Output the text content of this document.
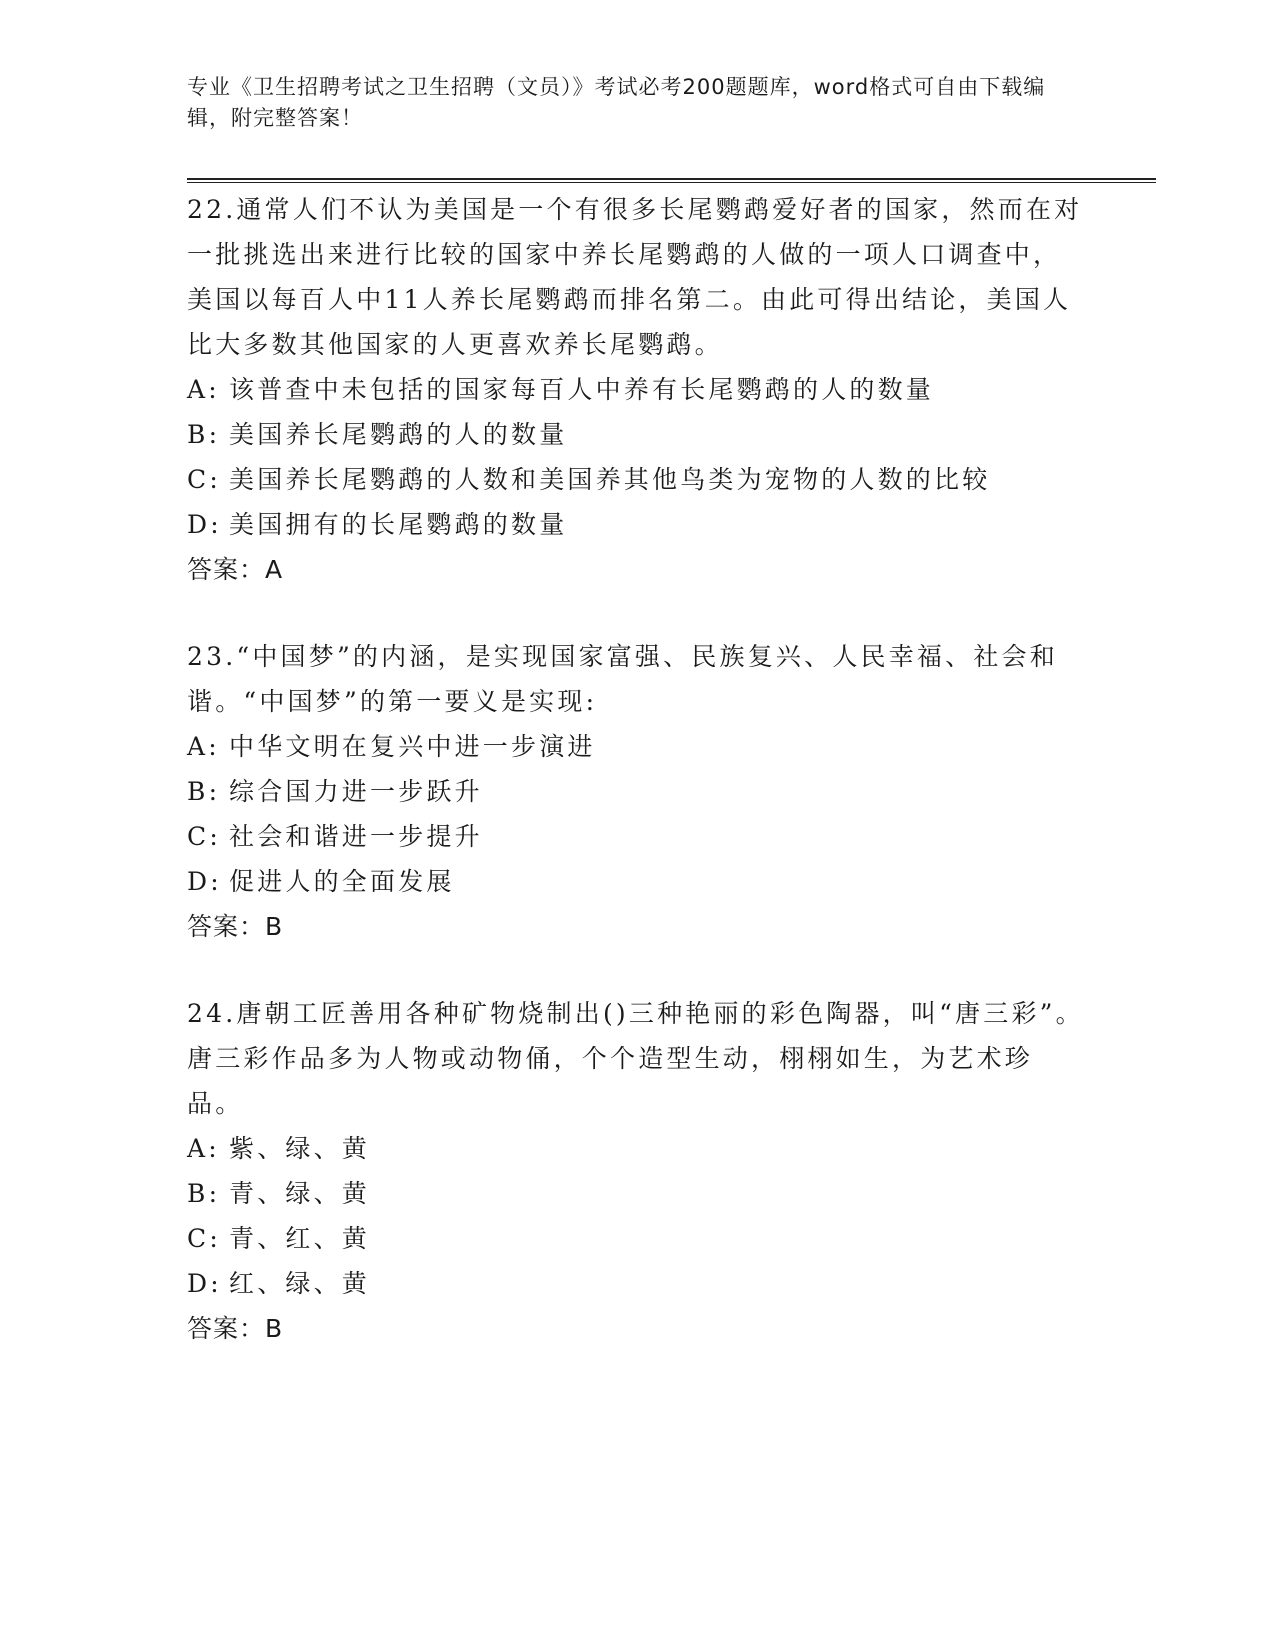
专业《卫生招聘考试之卫生招聘（文员）》考试必考200题题库，word格式可自由下载编辑，附完整答案！

22.通常人们不认为美国是一个有很多长尾鹦鹉爱好者的国家，然而在对一批挑选出来进行比较的国家中养长尾鹦鹉的人做的一项人口调查中，美国以每百人中11人养长尾鹦鹉而排名第二。由此可得出结论，美国人比大多数其他国家的人更喜欢养长尾鹦鹉。

A: 该普查中未包括的国家每百人中养有长尾鹦鹉的人的数量
B: 美国养长尾鹦鹉的人的数量
C: 美国养长尾鹦鹉的人数和美国养其他鸟类为宠物的人数的比较
D: 美国拥有的长尾鹦鹉的数量
答案：A

23.“中国梦”的内涵，是实现国家富强、民族复兴、人民幸福、社会和谐。“中国梦”的第一要义是实现:

A: 中华文明在复兴中进一步演进
B: 综合国力进一步跃升
C: 社会和谐进一步提升
D: 促进人的全面发展
答案：B

24.唐朝工匠善用各种矿物烧制出()三种艳丽的彩色陶器，叫“唐三彩”。唐三彩作品多为人物或动物俑，个个造型生动，栩栩如生，为艺术珍品。

A: 紫、绿、黄
B: 青、绿、黄
C: 青、红、黄
D: 红、绿、黄
答案：B
